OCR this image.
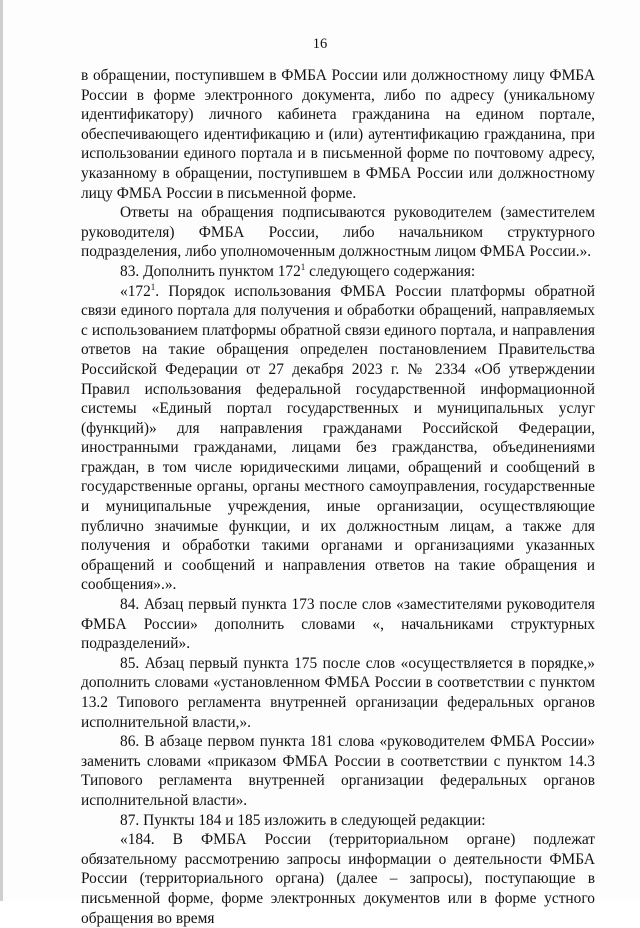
16

в обращении, поступившем в ФМБА России или должностному лицу ФМБА России в форме электронного документа, либо по адресу (уникальному идентификатору) личного кабинета гражданина на едином портале, обеспечивающего идентификацию и (или) аутентификацию гражданина, при использовании единого портала и в письменной форме по почтовому адресу, указанному в обращении, поступившем в ФМБА России или должностному лицу ФМБА России в письменной форме.

Ответы на обращения подписываются руководителем (заместителем руководителя) ФМБА России, либо начальником структурного подразделения, либо уполномоченным должностным лицом ФМБА России.».

83. Дополнить пунктом $172^1$ следующего содержания:

«$172^1$. Порядок использования ФМБА России платформы обратной связи единого портала для получения и обработки обращений, направляемых с использованием платформы обратной связи единого портала, и направления ответов на такие обращения определен постановлением Правительства Российской Федерации от 27 декабря 2023 г. № 2334 «Об утверждении Правил использования федеральной государственной информационной системы «Единый портал государственных и муниципальных услуг (функций)» для направления гражданами Российской Федерации, иностранными гражданами, лицами без гражданства, объединениями граждан, в том числе юридическими лицами, обращений и сообщений в государственные органы, органы местного самоуправления, государственные и муниципальные учреждения, иные организации, осуществляющие публично значимые функции, и их должностным лицам, а также для получения и обработки такими органами и организациями указанных обращений и сообщений и направления ответов на такие обращения и сообщения».».

84. Абзац первый пункта 173 после слов «заместителями руководителя ФМБА России» дополнить словами «, начальниками структурных подразделений».

85. Абзац первый пункта 175 после слов «осуществляется в порядке,» дополнить словами «установленном ФМБА России в соответствии с пунктом 13.2 Типового регламента внутренней организации федеральных органов исполнительной власти,».

86. В абзаце первом пункта 181 слова «руководителем ФМБА России» заменить словами «приказом ФМБА России в соответствии с пунктом 14.3 Типового регламента внутренней организации федеральных органов исполнительной власти».

87. Пункты 184 и 185 изложить в следующей редакции:

«184. В ФМБА России (территориальном органе) подлежат обязательному рассмотрению запросы информации о деятельности ФМБА России (территориального органа) (далее – запросы), поступающие в письменной форме, форме электронных документов или в форме устного обращения во время
